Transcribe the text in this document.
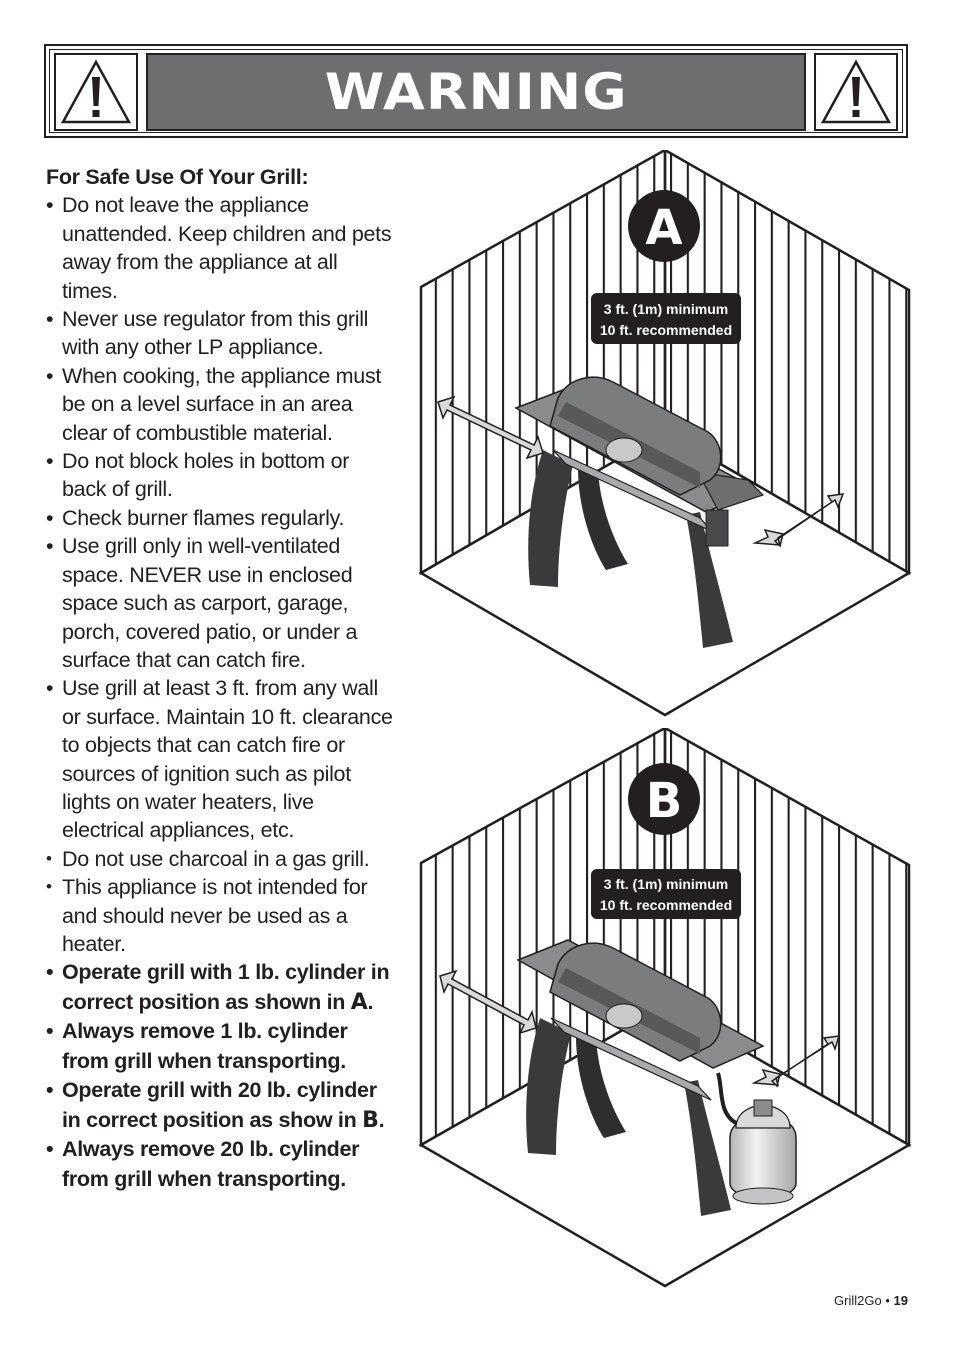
WARNING

For Safe Use Of Your Grill:

• Do not leave the appliance unattended. Keep children and pets away from the appliance at all times.
• Never use regulator from this grill with any other LP appliance.
• When cooking, the appliance must be on a level surface in an area clear of combustible material.
• Do not block holes in bottom or back of grill.
• Check burner flames regularly.
• Use grill only in well-ventilated space. NEVER use in enclosed space such as carport, garage, porch, covered patio, or under a surface that can catch fire.
• Use grill at least 3 ft. from any wall or surface. Maintain 10 ft. clearance to objects that can catch fire or sources of ignition such as pilot lights on water heaters, live electrical appliances, etc.
• Do not use charcoal in a gas grill.
• This appliance is not intended for and should never be used as a heater.
• Operate grill with 1 lb. cylinder in correct position as shown in A.
• Always remove 1 lb. cylinder from grill when transporting.
• Operate grill with 20 lb. cylinder in correct position as show in B.
• Always remove 20 lb. cylinder from grill when transporting.
3 ft. (1m) minimum
10 ft. recommended
A
3 ft. (1m) minimum
10 ft. recommended
B
Grill2Go • 19
